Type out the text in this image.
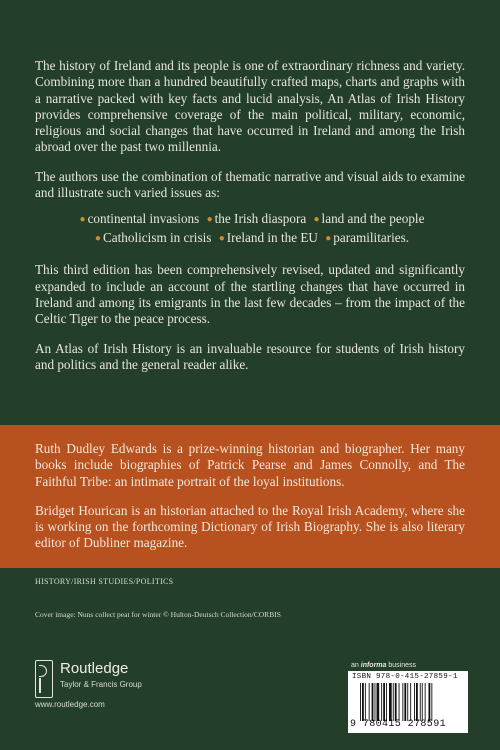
The history of Ireland and its people is one of extraordinary richness and variety. Combining more than a hundred beautifully crafted maps, charts and graphs with a narrative packed with key facts and lucid analysis, An Atlas of Irish History provides comprehensive coverage of the main political, military, economic, religious and social changes that have occurred in Ireland and among the Irish abroad over the past two millennia.

The authors use the combination of thematic narrative and visual aids to examine and illustrate such varied issues as:

● continental invasions ● the Irish diaspora ● land and the people
● Catholicism in crisis ● Ireland in the EU ● paramilitaries.

This third edition has been comprehensively revised, updated and significantly expanded to include an account of the startling changes that have occurred in Ireland and among its emigrants in the last few decades – from the impact of the Celtic Tiger to the peace process.

An Atlas of Irish History is an invaluable resource for students of Irish history and politics and the general reader alike.

Ruth Dudley Edwards is a prize-winning historian and biographer. Her many books include biographies of Patrick Pearse and James Connolly, and The Faithful Tribe: an intimate portrait of the loyal institutions.

Bridget Hourican is an historian attached to the Royal Irish Academy, where she is working on the forthcoming Dictionary of Irish Biography. She is also literary editor of Dubliner magazine.

HISTORY/IRISH STUDIES/POLITICS
Cover image: Nuns collect peat for winter © Hulton-Deutsch Collection/CORBIS
Routledge
Taylor & Francis Group
www.routledge.com
an informa business
ISBN 978-0-415-27859-1
9 780415 278591
